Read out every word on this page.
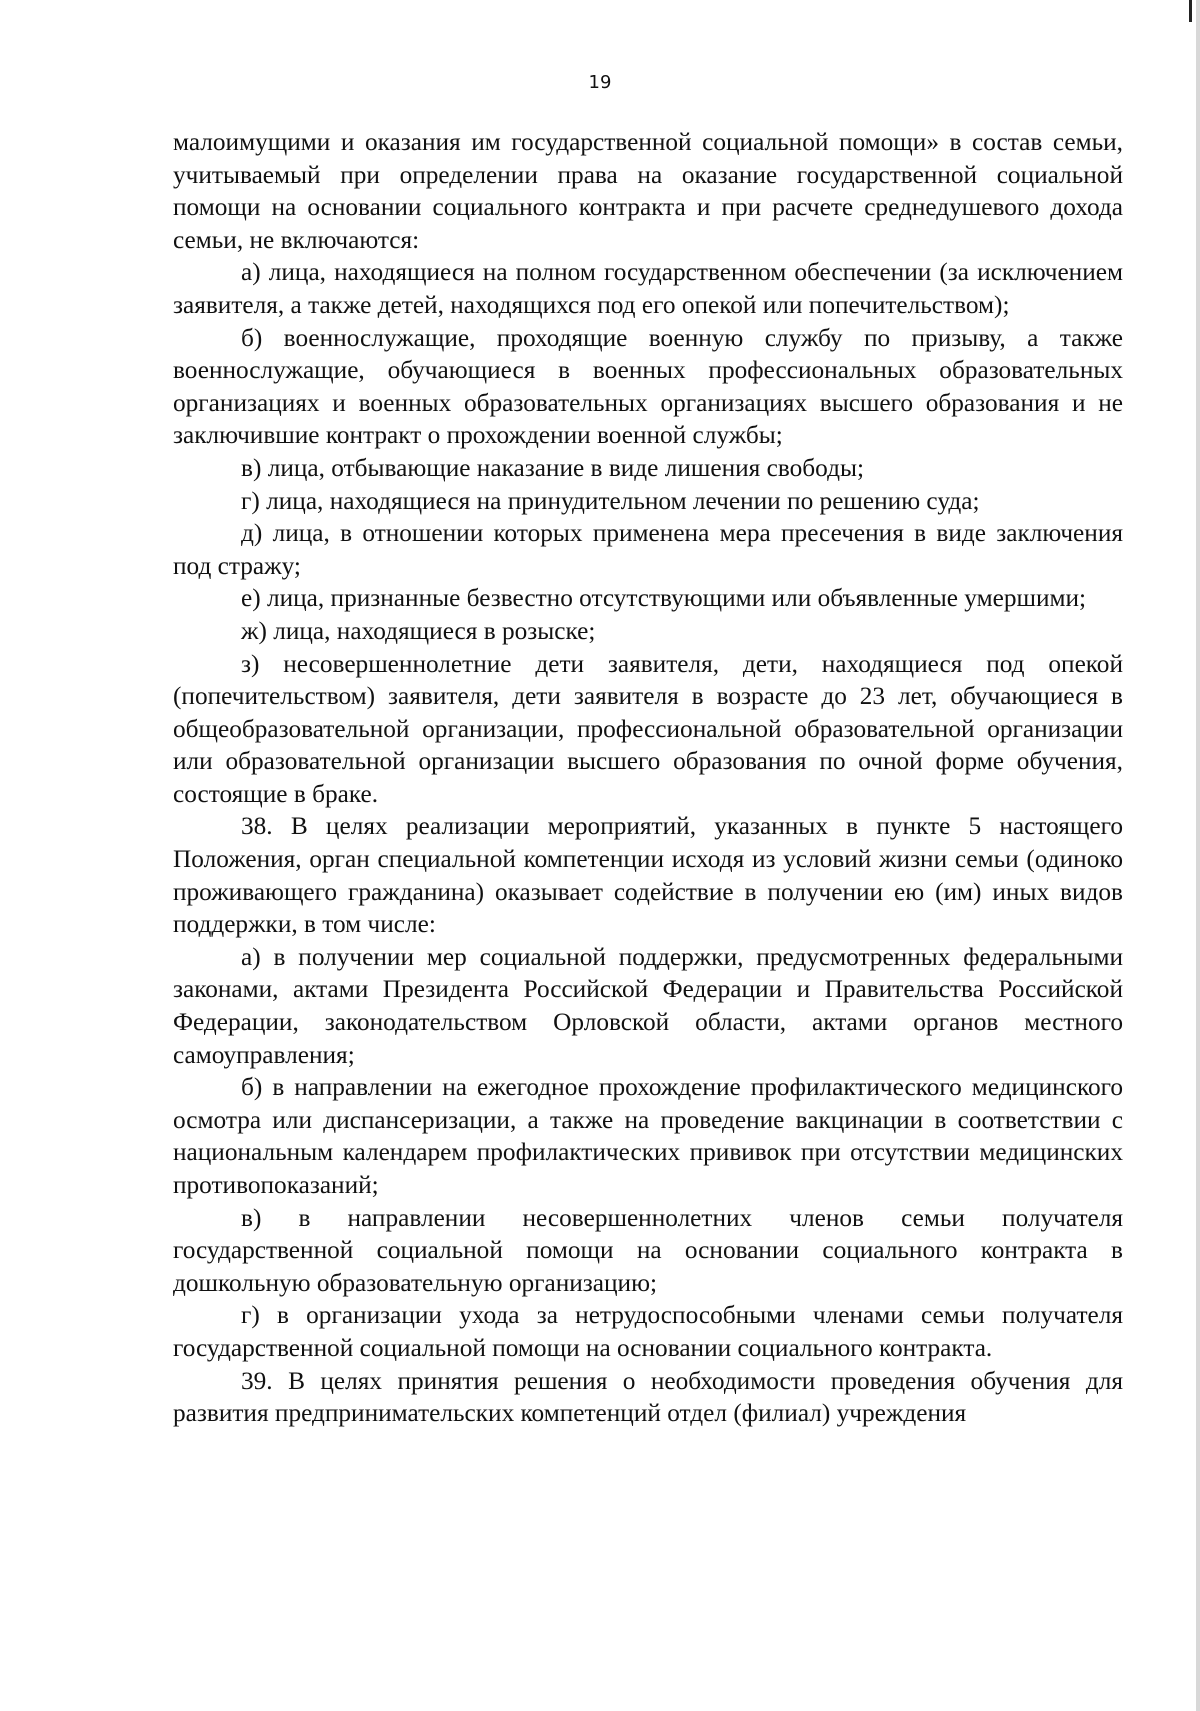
19

малоимущими и оказания им государственной социальной помощи» в состав семьи, учитываемый при определении права на оказание государственной социальной помощи на основании социального контракта и при расчете среднедушевого дохода семьи, не включаются:

а) лица, находящиеся на полном государственном обеспечении (за исключением заявителя, а также детей, находящихся под его опекой или попечительством);

б) военнослужащие, проходящие военную службу по призыву, а также военнослужащие, обучающиеся в военных профессиональных образовательных организациях и военных образовательных организациях высшего образования и не заключившие контракт о прохождении военной службы;

в) лица, отбывающие наказание в виде лишения свободы;

г) лица, находящиеся на принудительном лечении по решению суда;

д) лица, в отношении которых применена мера пресечения в виде заключения под стражу;

е) лица, признанные безвестно отсутствующими или объявленные умершими;

ж) лица, находящиеся в розыске;

з) несовершеннолетние дети заявителя, дети, находящиеся под опекой (попечительством) заявителя, дети заявителя в возрасте до 23 лет, обучающиеся в общеобразовательной организации, профессиональной образовательной организации или образовательной организации высшего образования по очной форме обучения, состоящие в браке.

38. В целях реализации мероприятий, указанных в пункте 5 настоящего Положения, орган специальной компетенции исходя из условий жизни семьи (одиноко проживающего гражданина) оказывает содействие в получении ею (им) иных видов поддержки, в том числе:

а) в получении мер социальной поддержки, предусмотренных федеральными законами, актами Президента Российской Федерации и Правительства Российской Федерации, законодательством Орловской области, актами органов местного самоуправления;

б) в направлении на ежегодное прохождение профилактического медицинского осмотра или диспансеризации, а также на проведение вакцинации в соответствии с национальным календарем профилактических прививок при отсутствии медицинских противопоказаний;

в) в направлении несовершеннолетних членов семьи получателя государственной социальной помощи на основании социального контракта в дошкольную образовательную организацию;

г) в организации ухода за нетрудоспособными членами семьи получателя государственной социальной помощи на основании социального контракта.

39. В целях принятия решения о необходимости проведения обучения для развития предпринимательских компетенций отдел (филиал) учреждения
